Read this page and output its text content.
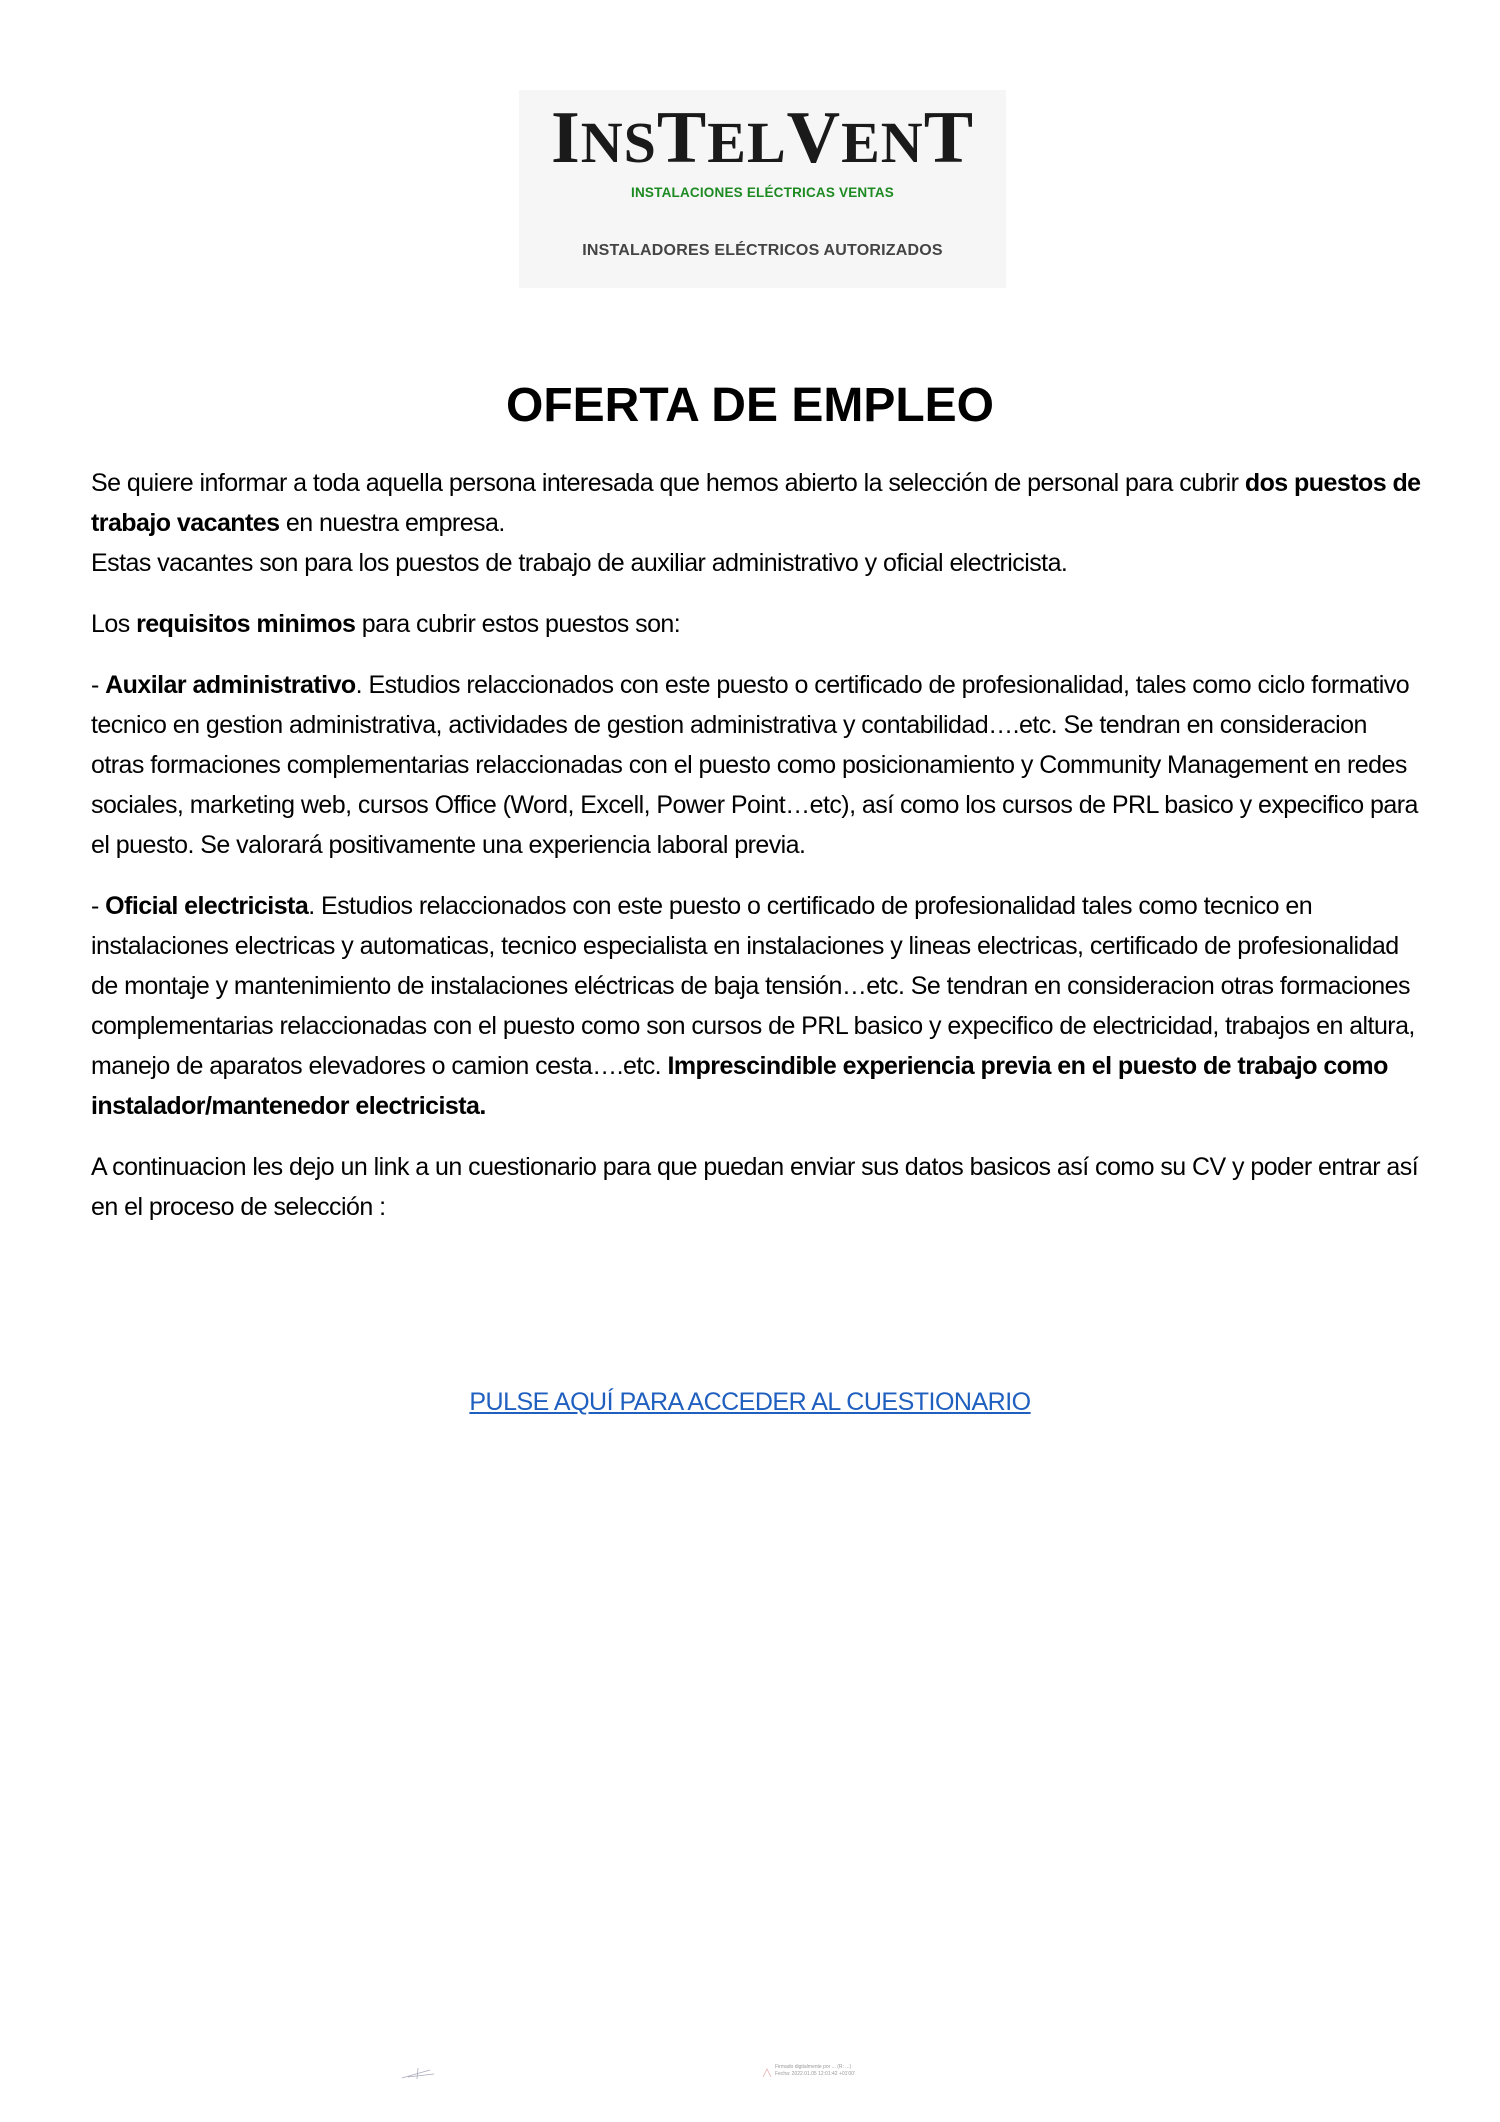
INSTELVENT
INSTALACIONES ELÉCTRICAS VENTAS
INSTALADORES ELÉCTRICOS AUTORIZADOS
OFERTA DE EMPLEO

Se quiere informar a toda aquella persona interesada que hemos abierto la selección de personal para cubrir dos puestos de trabajo vacantes en nuestra empresa.

Estas vacantes son para los puestos de trabajo de auxiliar administrativo y oficial electricista.

Los requisitos minimos para cubrir estos puestos son:

- Auxilar administrativo. Estudios relaccionados con este puesto o certificado de profesionalidad, tales como ciclo formativo tecnico en gestion administrativa, actividades de gestion administrativa y contabilidad….etc. Se tendran en consideracion otras formaciones complementarias relaccionadas con el puesto como posicionamiento y Community Management en redes sociales, marketing web, cursos Office (Word, Excell, Power Point…etc), así como los cursos de PRL basico y expecifico para el puesto. Se valorará positivamente una experiencia laboral previa.

- Oficial electricista. Estudios relaccionados con este puesto o certificado de profesionalidad tales como tecnico en instalaciones electricas y automaticas, tecnico especialista en instalaciones y lineas electricas, certificado de profesionalidad de montaje y mantenimiento de instalaciones eléctricas de baja tensión…etc. Se tendran en consideracion otras formaciones complementarias relaccionadas con el puesto como son cursos de PRL basico y expecifico de electricidad, trabajos en altura, manejo de aparatos elevadores o camion cesta….etc. Imprescindible experiencia previa en el puesto de trabajo como instalador/mantenedor electricista.

A continuacion les dejo un link a un cuestionario para que puedan enviar sus datos basicos así como su CV y poder entrar así en el proceso de selección :

PULSE AQUÍ PARA ACCEDER AL CUESTIONARIO
Firmado digitalmente por ... (R: ...)
Fecha: 2022.01.05 12:01:42 +01'00'
